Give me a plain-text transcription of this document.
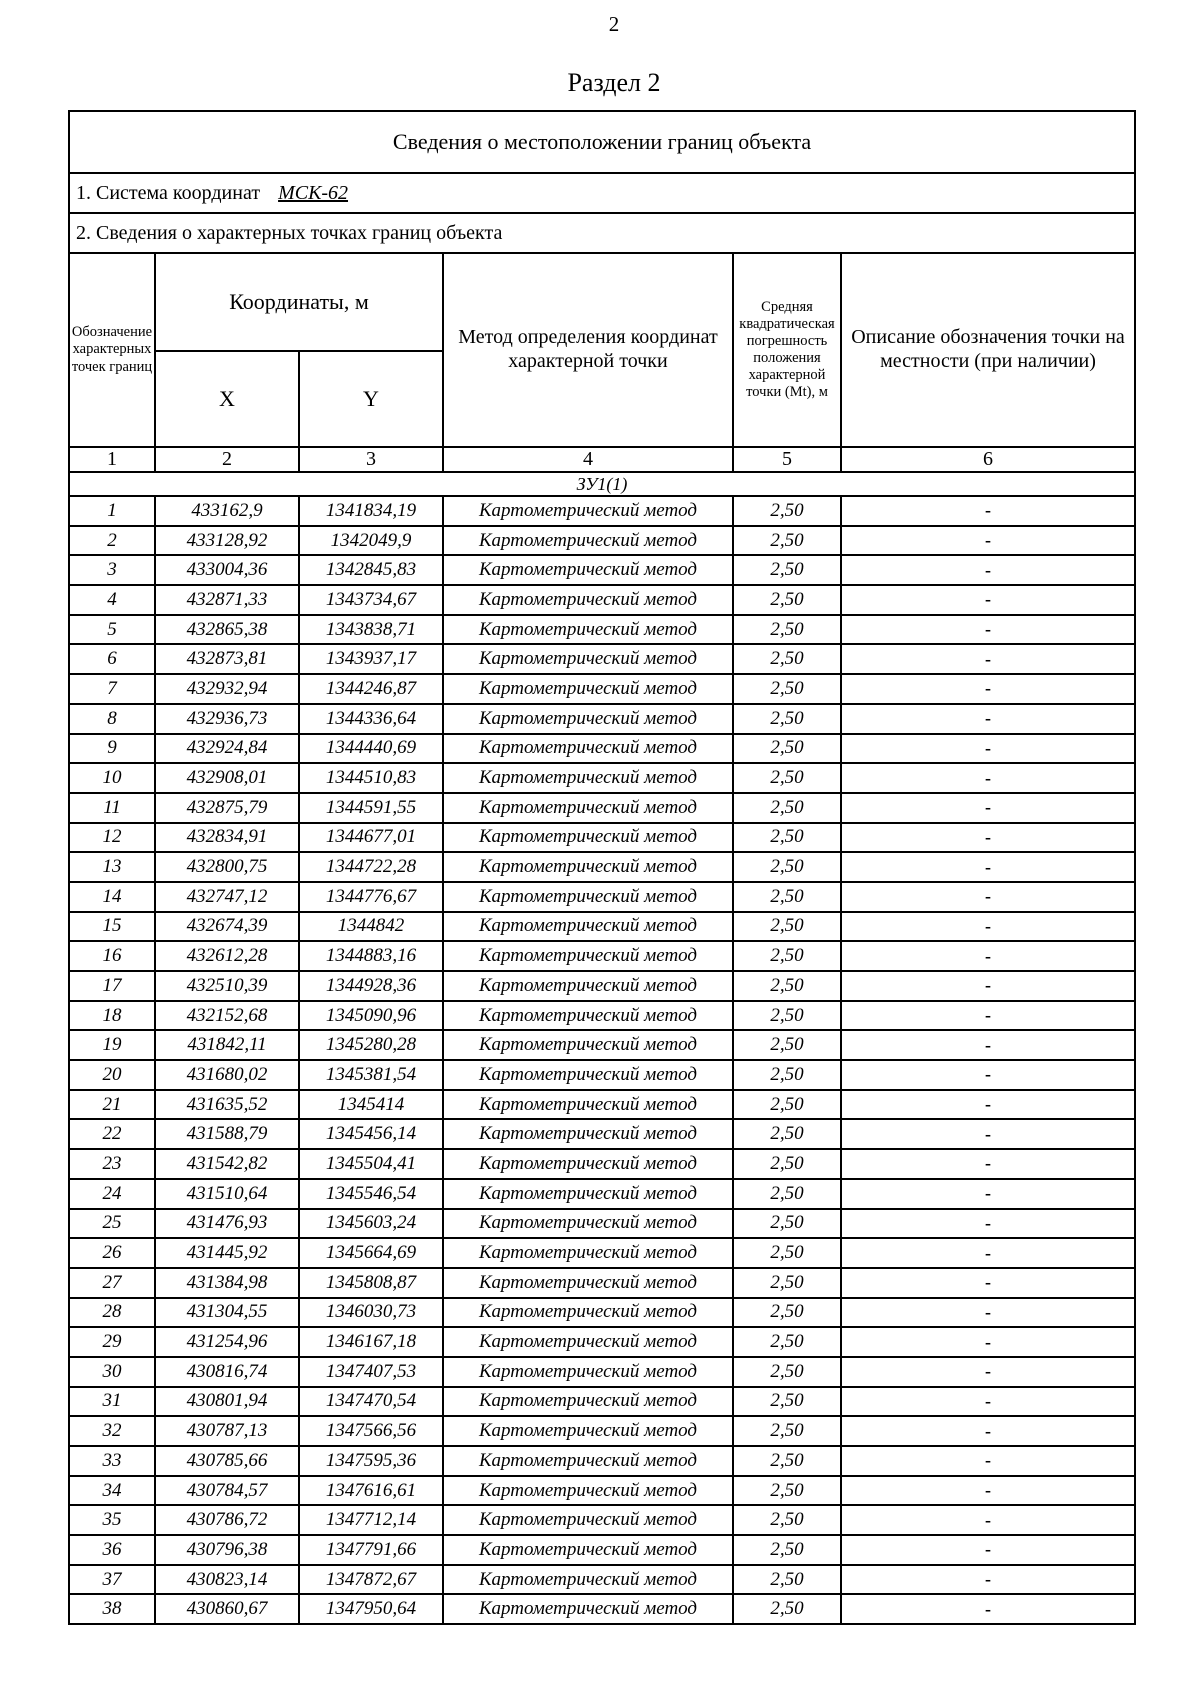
2
Раздел 2
Сведения о местоположении границ объекта					
1. Система координат МСК-62					
2. Сведения о характерных точках границ объекта					
Обозначение характерных точек границ	Координаты, м		Метод определения координат характерной точки	Средняя квадратическая погрешность положения характерной точки (Mt), м	Описание обозначения точки на местности (при наличии)
	X	Y			
1	2	3	4	5	6
ЗУ1(1)					
1	433162,9	1341834,19	Картометрический метод	2,50	-
2	433128,92	1342049,9	Картометрический метод	2,50	-
3	433004,36	1342845,83	Картометрический метод	2,50	-
4	432871,33	1343734,67	Картометрический метод	2,50	-
5	432865,38	1343838,71	Картометрический метод	2,50	-
6	432873,81	1343937,17	Картометрический метод	2,50	-
7	432932,94	1344246,87	Картометрический метод	2,50	-
8	432936,73	1344336,64	Картометрический метод	2,50	-
9	432924,84	1344440,69	Картометрический метод	2,50	-
10	432908,01	1344510,83	Картометрический метод	2,50	-
11	432875,79	1344591,55	Картометрический метод	2,50	-
12	432834,91	1344677,01	Картометрический метод	2,50	-
13	432800,75	1344722,28	Картометрический метод	2,50	-
14	432747,12	1344776,67	Картометрический метод	2,50	-
15	432674,39	1344842	Картометрический метод	2,50	-
16	432612,28	1344883,16	Картометрический метод	2,50	-
17	432510,39	1344928,36	Картометрический метод	2,50	-
18	432152,68	1345090,96	Картометрический метод	2,50	-
19	431842,11	1345280,28	Картометрический метод	2,50	-
20	431680,02	1345381,54	Картометрический метод	2,50	-
21	431635,52	1345414	Картометрический метод	2,50	-
22	431588,79	1345456,14	Картометрический метод	2,50	-
23	431542,82	1345504,41	Картометрический метод	2,50	-
24	431510,64	1345546,54	Картометрический метод	2,50	-
25	431476,93	1345603,24	Картометрический метод	2,50	-
26	431445,92	1345664,69	Картометрический метод	2,50	-
27	431384,98	1345808,87	Картометрический метод	2,50	-
28	431304,55	1346030,73	Картометрический метод	2,50	-
29	431254,96	1346167,18	Картометрический метод	2,50	-
30	430816,74	1347407,53	Картометрический метод	2,50	-
31	430801,94	1347470,54	Картометрический метод	2,50	-
32	430787,13	1347566,56	Картометрический метод	2,50	-
33	430785,66	1347595,36	Картометрический метод	2,50	-
34	430784,57	1347616,61	Картометрический метод	2,50	-
35	430786,72	1347712,14	Картометрический метод	2,50	-
36	430796,38	1347791,66	Картометрический метод	2,50	-
37	430823,14	1347872,67	Картометрический метод	2,50	-
38	430860,67	1347950,64	Картометрический метод	2,50	-
